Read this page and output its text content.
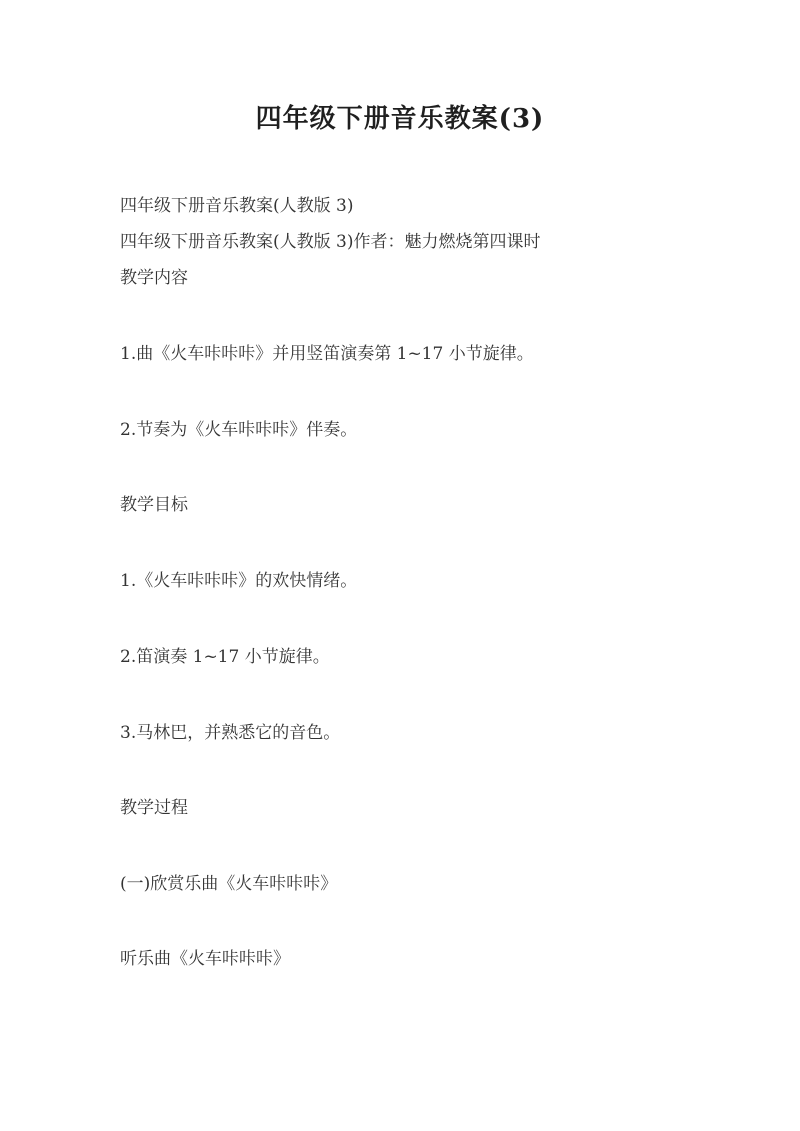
四年级下册音乐教案(3)
四年级下册音乐教案(人教版 3)
四年级下册音乐教案(人教版 3)作者：魅力燃烧第四课时
教学内容
1.曲《火车咔咔咔》并用竖笛演奏第 1~17 小节旋律。
2.节奏为《火车咔咔咔》伴奏。
教学目标
1.《火车咔咔咔》的欢快情绪。
2.笛演奏 1~17 小节旋律。
3.马林巴，并熟悉它的音色。
教学过程
(一)欣赏乐曲《火车咔咔咔》
听乐曲《火车咔咔咔》
